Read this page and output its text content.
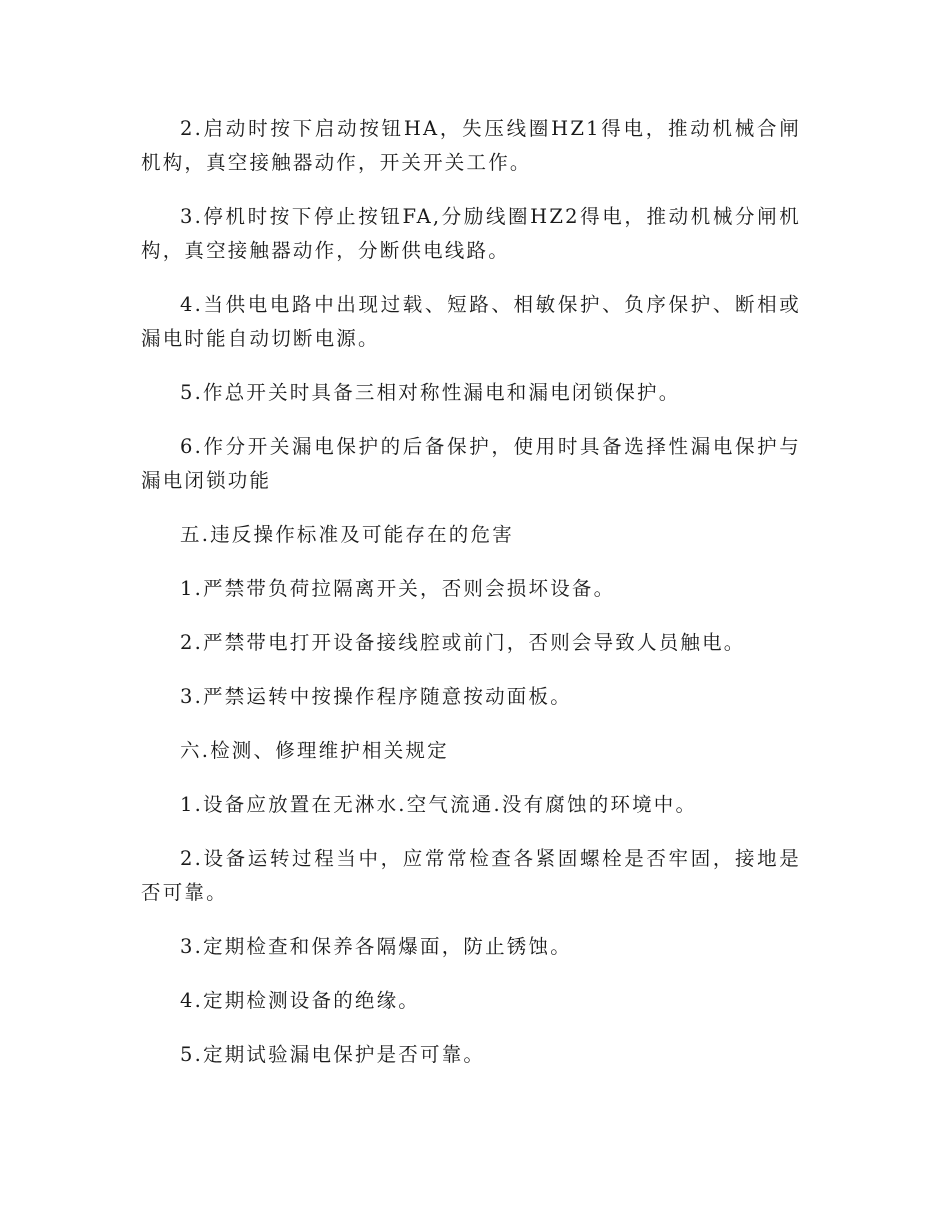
2.启动时按下启动按钮HA，失压线圈HZ1得电，推动机械合闸机构，真空接触器动作，开关开关工作。

3.停机时按下停止按钮FA,分励线圈HZ2得电，推动机械分闸机构，真空接触器动作，分断供电线路。

4.当供电电路中出现过载、短路、相敏保护、负序保护、断相或漏电时能自动切断电源。

5.作总开关时具备三相对称性漏电和漏电闭锁保护。

6.作分开关漏电保护的后备保护，使用时具备选择性漏电保护与漏电闭锁功能

五.违反操作标准及可能存在的危害

1.严禁带负荷拉隔离开关，否则会损坏设备。

2.严禁带电打开设备接线腔或前门，否则会导致人员触电。

3.严禁运转中按操作程序随意按动面板。

六.检测、修理维护相关规定

1.设备应放置在无淋水.空气流通.没有腐蚀的环境中。

2.设备运转过程当中，应常常检查各紧固螺栓是否牢固，接地是否可靠。

3.定期检查和保养各隔爆面，防止锈蚀。

4.定期检测设备的绝缘。

5.定期试验漏电保护是否可靠。
